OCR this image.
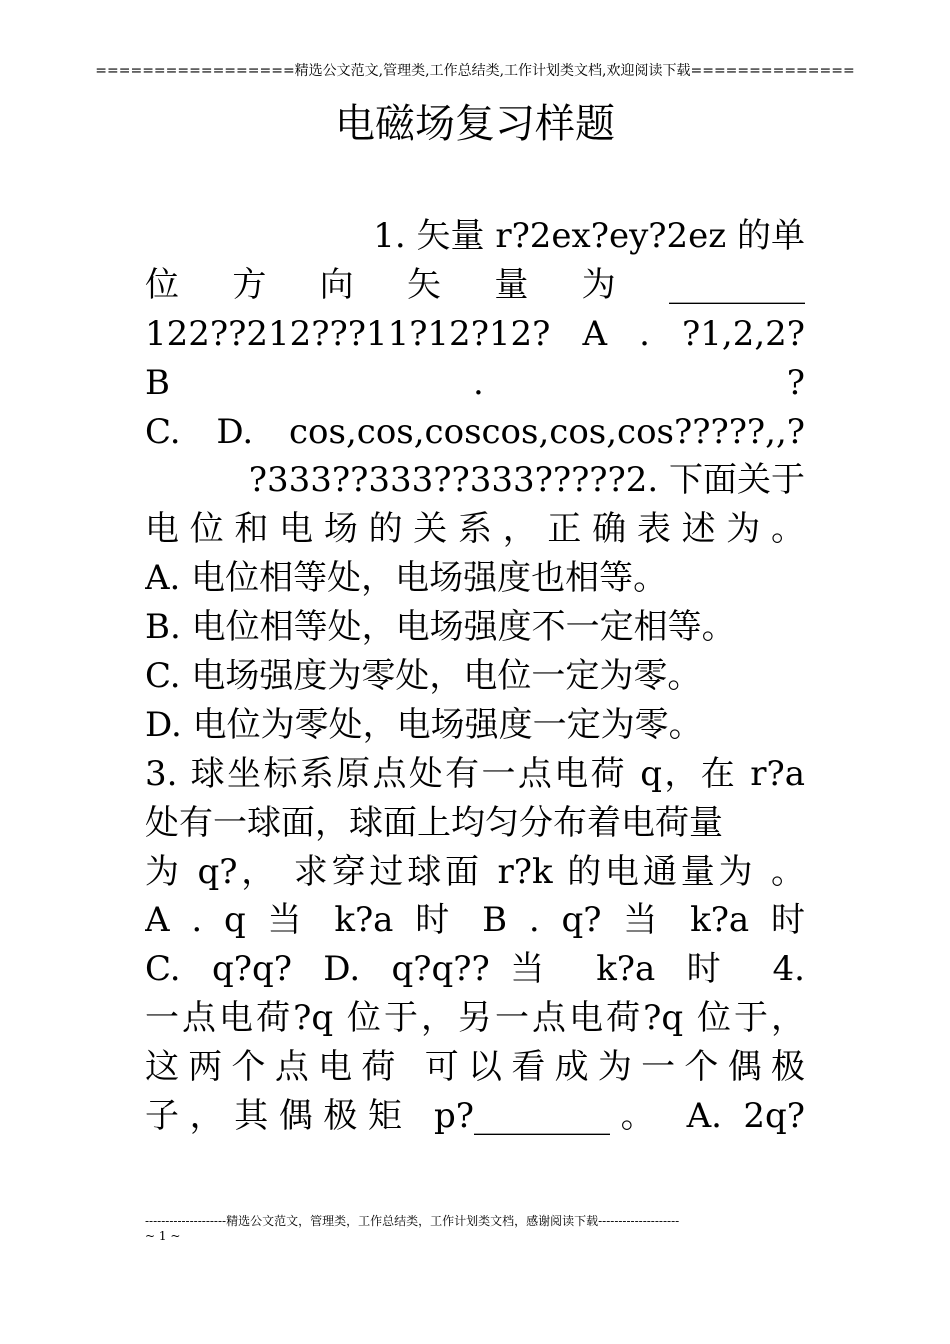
=================精选公文范文,管理类,工作总结类,工作计划类文档,欢迎阅读下载==============
电磁场复习样题
1. 矢量 r?2ex?ey?2ez 的单
位 方 向 矢 量 为 ________
122??212???11?12?12? A . ?1,2,2?
B . ?
C. D. cos,cos,coscos,cos,cos?????,,?
?333??333??333?????2. 下面关于
电位和电场的关系，正确表述为。
A. 电位相等处，电场强度也相等。
B. 电位相等处，电场强度不一定相等。
C. 电场强度为零处，电位一定为零。
D. 电位为零处，电场强度一定为零。
3. 球坐标系原点处有一点电荷 q，在 r?a
处有一球面，球面上均匀分布着电荷量
为 q?， 求穿过球面 r?k 的电通量为 。
A . q 当 k?a 时 B . q? 当 k?a 时
C. q?q? D. q?q??当 k?a 时 4.
一点电荷?q 位于，另一点电荷?q 位于，
这两个点电荷 可以看成为一个偶极
子，其偶极矩 p?________。 A. 2q?
--------------------精选公文范文，管理类，工作总结类，工作计划类文档，感谢阅读下载--------------------
~ 1 ~
